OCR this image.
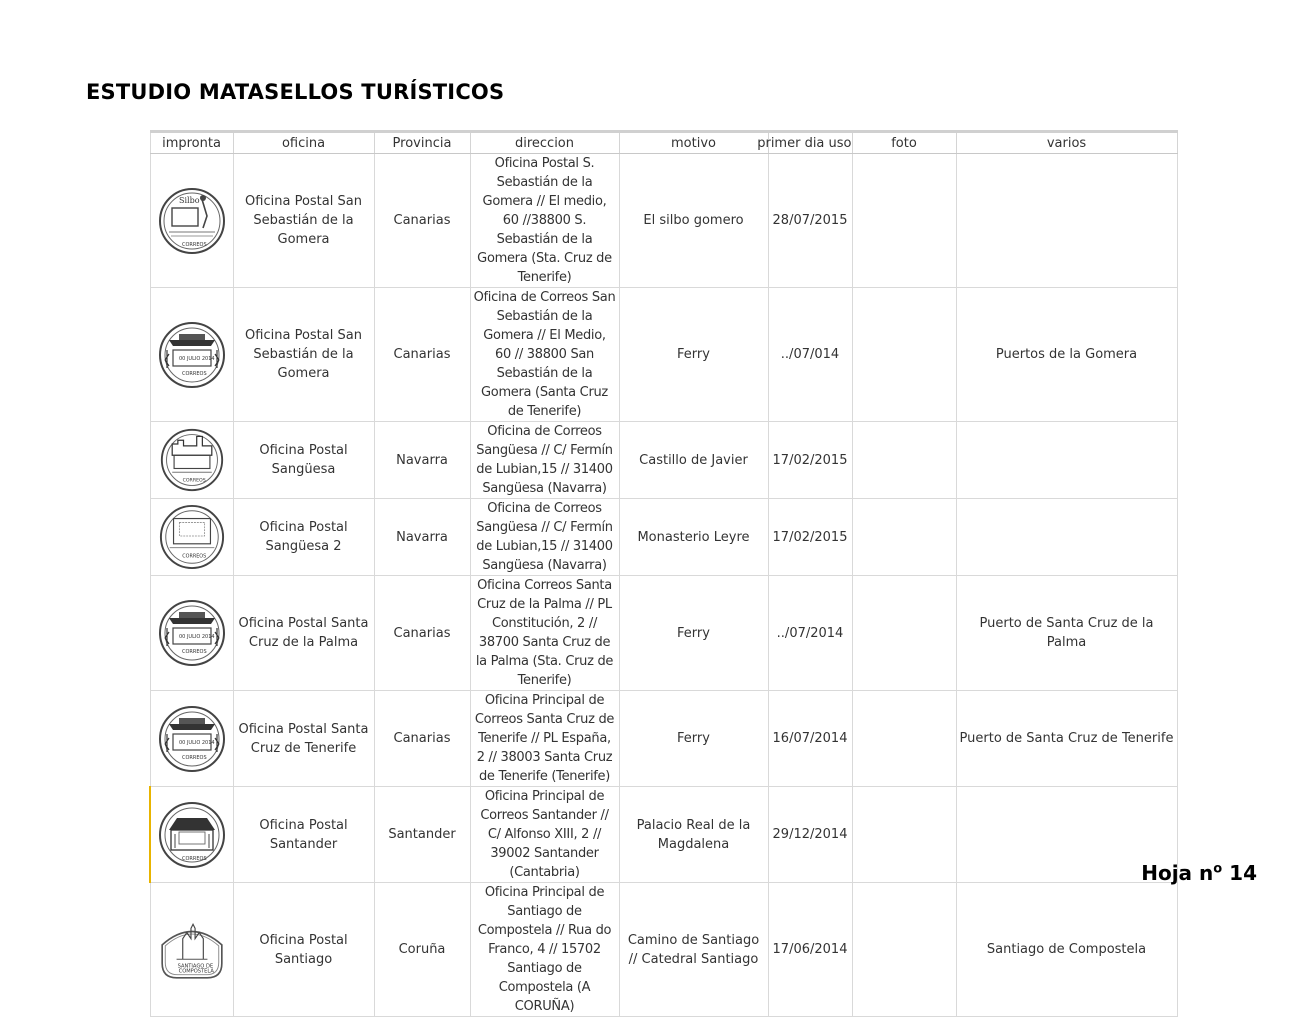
ESTUDIO MATASELLOS TURÍSTICOS
impronta	oficina	Provincia	direccion	motivo	primer dia uso	foto	varios

Silbo
CORREOS	Oficina Postal San Sebastián de la Gomera	Canarias	Oficina Postal S. Sebastián de la Gomera // El medio, 60 //38800 S. Sebastián de la Gomera (Sta. Cruz de Tenerife)	El silbo gomero	28/07/2015		

00 JULIO 2014
CORREOS	Oficina Postal San Sebastián de la Gomera	Canarias	Oficina de Correos San Sebastián de la Gomera // El Medio, 60 // 38800 San Sebastián de la Gomera (Santa Cruz de Tenerife)	Ferry	../07/014		Puertos de la Gomera

CORREOS	Oficina Postal Sangüesa	Navarra	Oficina de Correos Sangüesa // C/ Fermín de Lubian,15 // 31400 Sangüesa (Navarra)	Castillo de Javier	17/02/2015		

CORREOS	Oficina Postal Sangüesa 2	Navarra	Oficina de Correos Sangüesa // C/ Fermín de Lubian,15 // 31400 Sangüesa (Navarra)	Monasterio Leyre	17/02/2015		

00 JULIO 2014
CORREOS	Oficina Postal Santa Cruz de la Palma	Canarias	Oficina Correos Santa Cruz de la Palma // PL Constitución, 2 // 38700 Santa Cruz de la Palma (Sta. Cruz de Tenerife)	Ferry	../07/2014		Puerto de Santa Cruz de la Palma

00 JULIO 2014
CORREOS	Oficina Postal Santa Cruz de Tenerife	Canarias	Oficina Principal de Correos Santa Cruz de Tenerife // PL España, 2 // 38003 Santa Cruz de Tenerife (Tenerife)	Ferry	16/07/2014		Puerto de Santa Cruz de Tenerife

CORREOS	Oficina Postal Santander	Santander	Oficina Principal de Correos Santander // C/ Alfonso XIII, 2 // 39002 Santander (Cantabria)	Palacio Real de la Magdalena	29/12/2014		

SANTIAGO DE
COMPOSTELA	Oficina Postal Santiago	Coruña	Oficina Principal de Santiago de Compostela // Rua do Franco, 4 // 15702 Santiago de Compostela (A CORUÑA)	Camino de Santiago // Catedral Santiago	17/06/2014		Santiago de Compostela
Hoja $n^o$ 14
